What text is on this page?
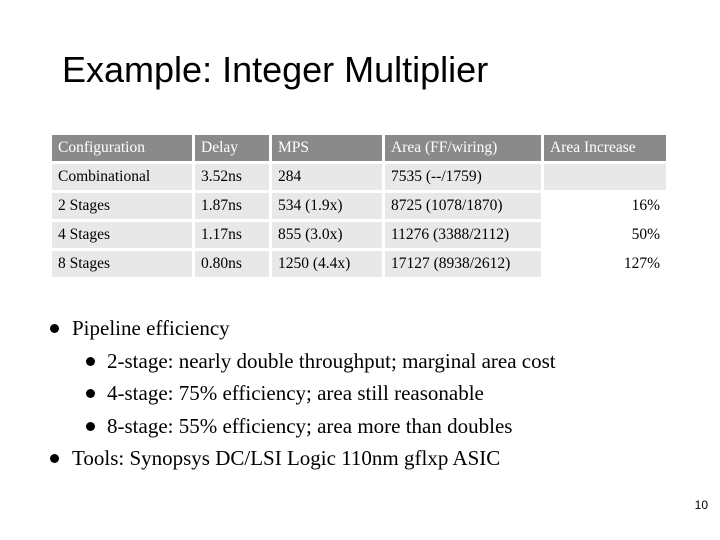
Example: Integer Multiplier
Configuration	Delay	MPS	Area (FF/wiring)	Area Increase
Combinational	3.52ns	284	7535 (--/1759)	
2 Stages	1.87ns	534 (1.9x)	8725 (1078/1870)	16%
4 Stages	1.17ns	855 (3.0x)	11276 (3388/2112)	50%
8 Stages	0.80ns	1250 (4.4x)	17127 (8938/2612)	127%
Pipeline efficiency
2-stage: nearly double throughput; marginal area cost
4-stage: 75% efficiency; area still reasonable
8-stage: 55% efficiency; area more than doubles
Tools: Synopsys DC/LSI Logic 110nm gflxp ASIC
10
